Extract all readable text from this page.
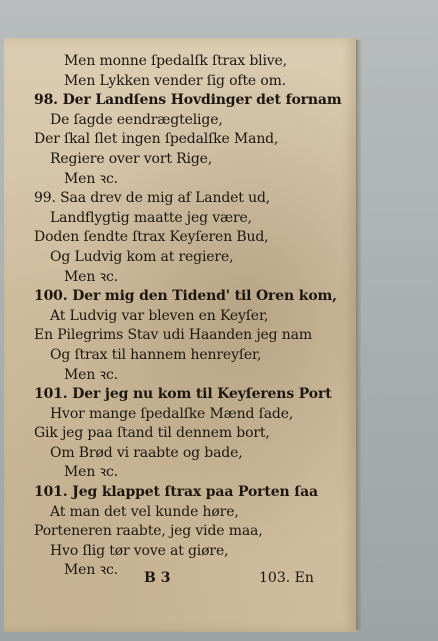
Men monne ſpedalſk ſtrax blive,
Men Lykken vender ſig ofte om.
98. Der Landſens Hovdinger det fornam
De ſagde eendrægtelige,
Der ſkal ſlet ingen ſpedalſke Mand,
Regiere over vort Rige,
Men ꝛc.
99. Saa drev de mig af Landet ud,
Landflygtig maatte jeg være,
Doden ſendte ſtrax Keyſeren Bud,
Og Ludvig kom at regiere,
Men ꝛc.
100. Der mig den Tidend' til Oren kom,
At Ludvig var bleven en Keyſer,
En Pilegrims Stav udi Haanden jeg nam
Og ſtrax til hannem henreyſer,
Men ꝛc.
101. Der jeg nu kom til Keyſerens Port
Hvor mange ſpedalſke Mænd ſade,
Gik jeg paa ſtand til dennem bort,
Om Brød vi raabte og bade,
Men ꝛc.
101. Jeg klappet ſtrax paa Porten ſaa
At man det vel kunde høre,
Porteneren raabte, jeg vide maa,
Hvo ſlig tør vove at giøre,
Men ꝛc.	B 3	103. En
